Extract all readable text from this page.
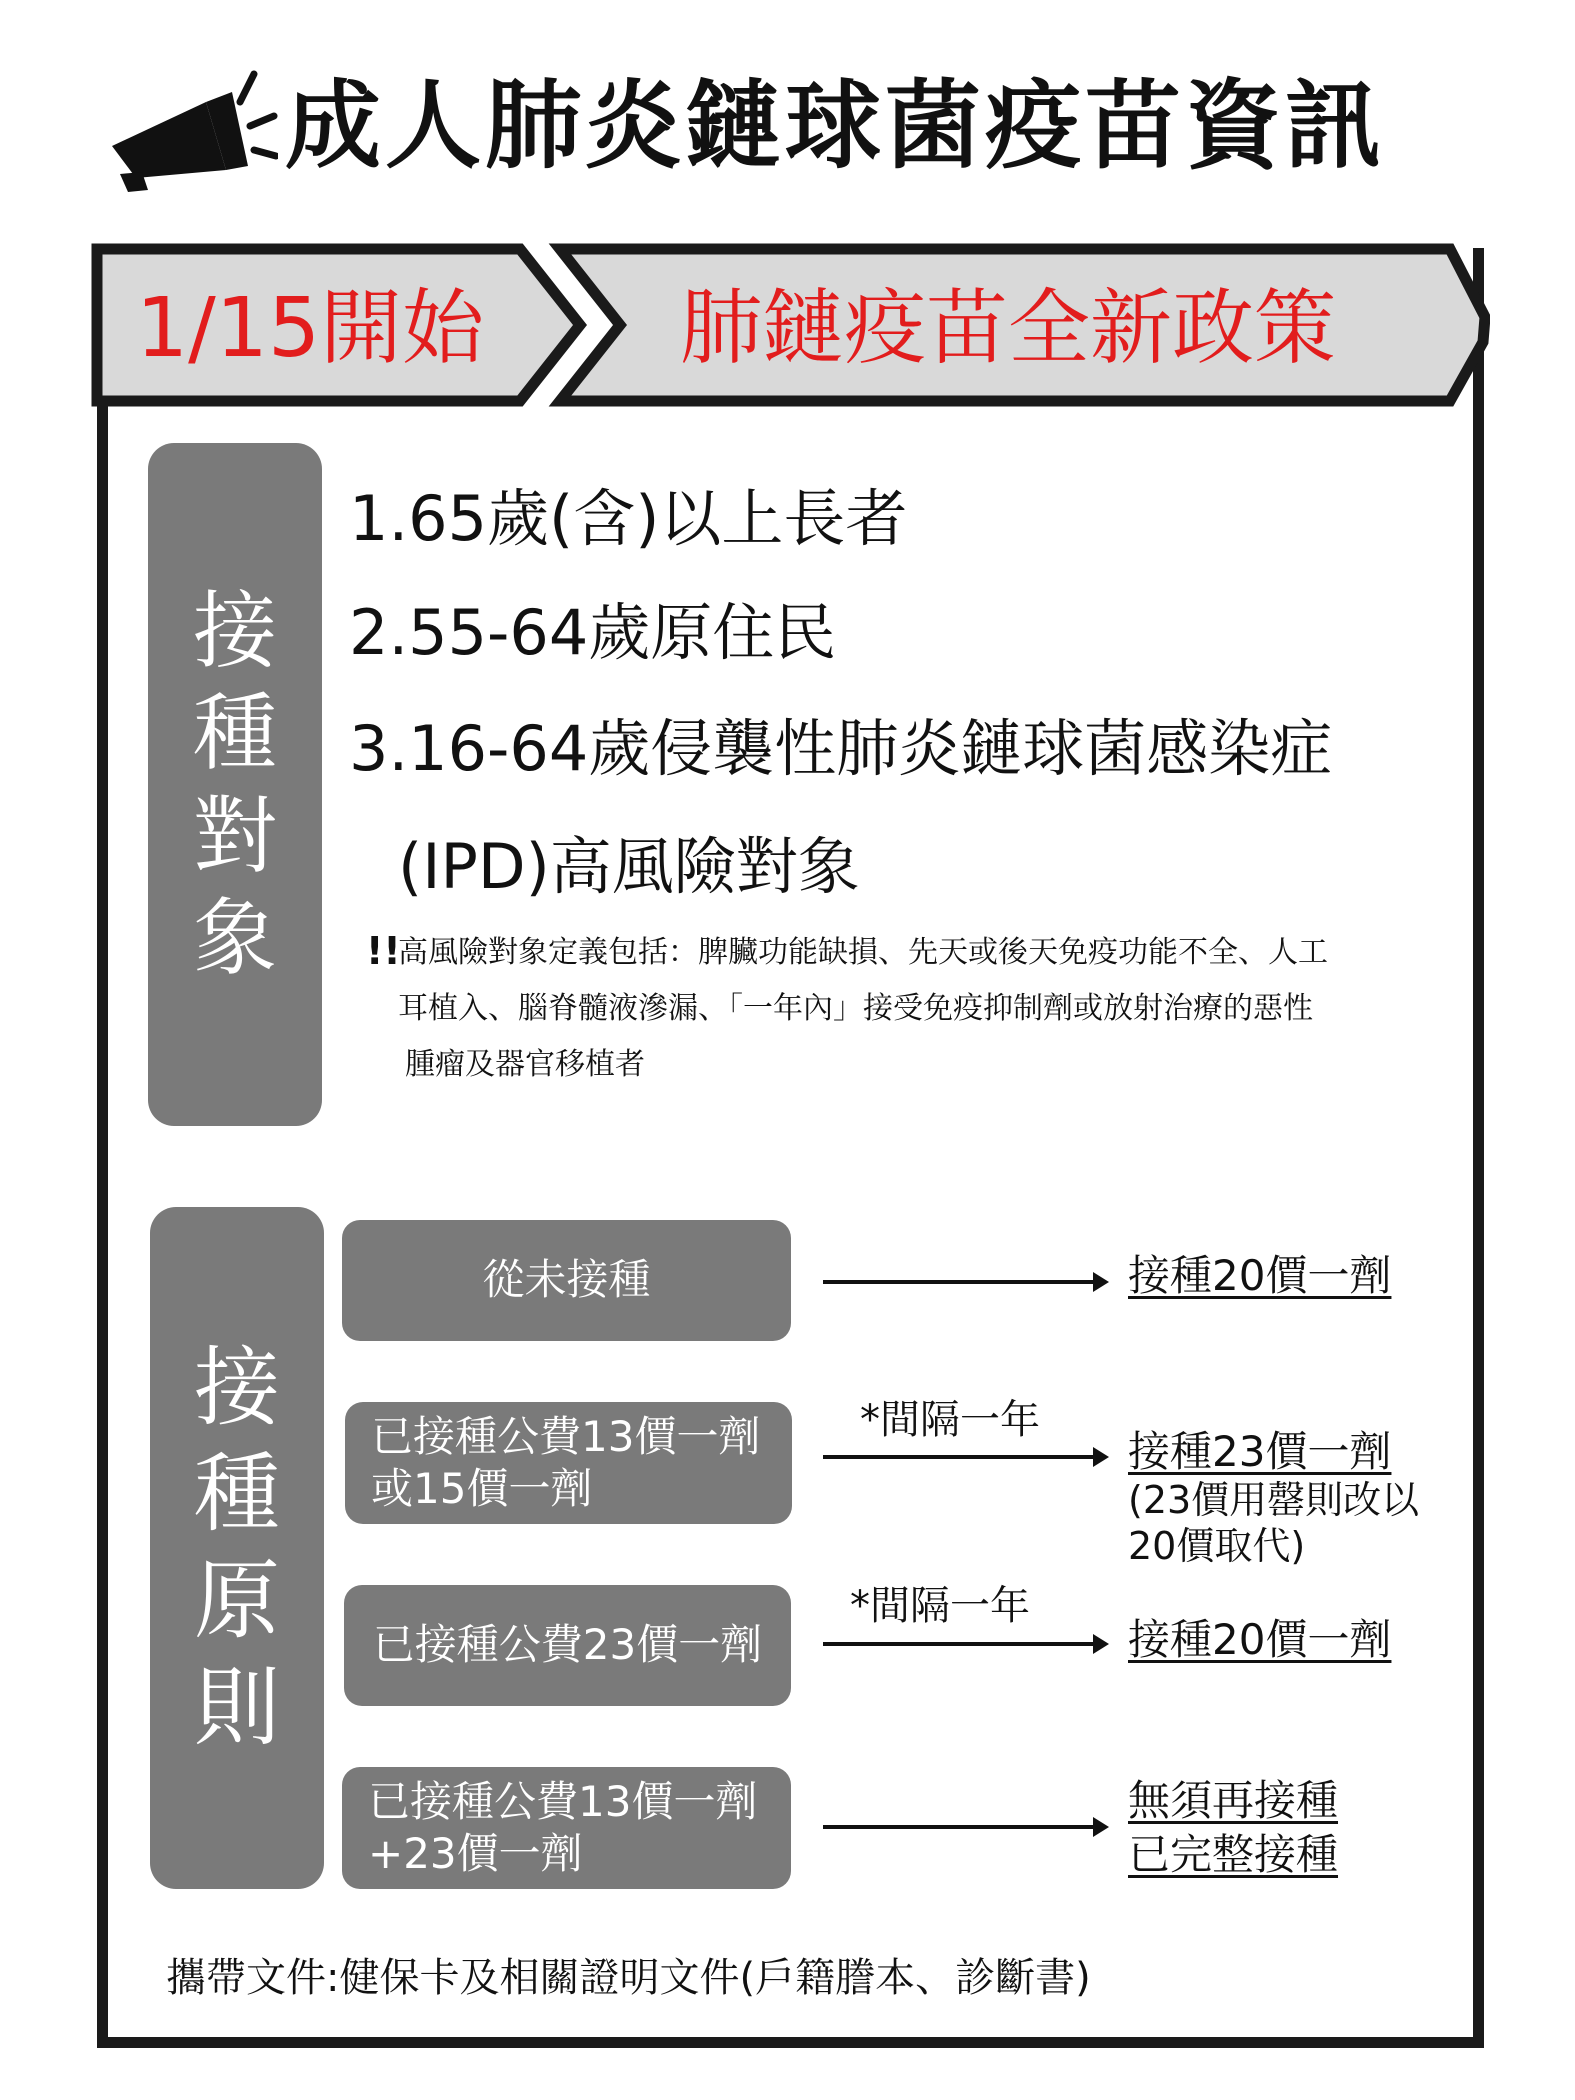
成人肺炎鏈球菌疫苗資訊
1/15開始 肺鏈疫苗全新政策
接
種
對
象
1.65歲(含)以上長者
2.55-64歲原住民
3.16-64歲侵襲性肺炎鏈球菌感染症
(IPD)高風險對象
!!
高風險對象定義包括：脾臟功能缺損、先天或後天免疫功能不全、人工
耳植入、腦脊髓液滲漏、「一年內」接受免疫抑制劑或放射治療的惡性
腫瘤及器官移植者
接
種
原
則
從未接種	接種20價一劑
已接種公費13價一劑
或15價一劑
*間隔一年
接種23價一劑
(23價用罄則改以
20價取代)
已接種公費23價一劑
*間隔一年
接種20價一劑
已接種公費13價一劑
+23價一劑
無須再接種
已完整接種
攜帶文件:健保卡及相關證明文件(戶籍謄本、診斷書)
